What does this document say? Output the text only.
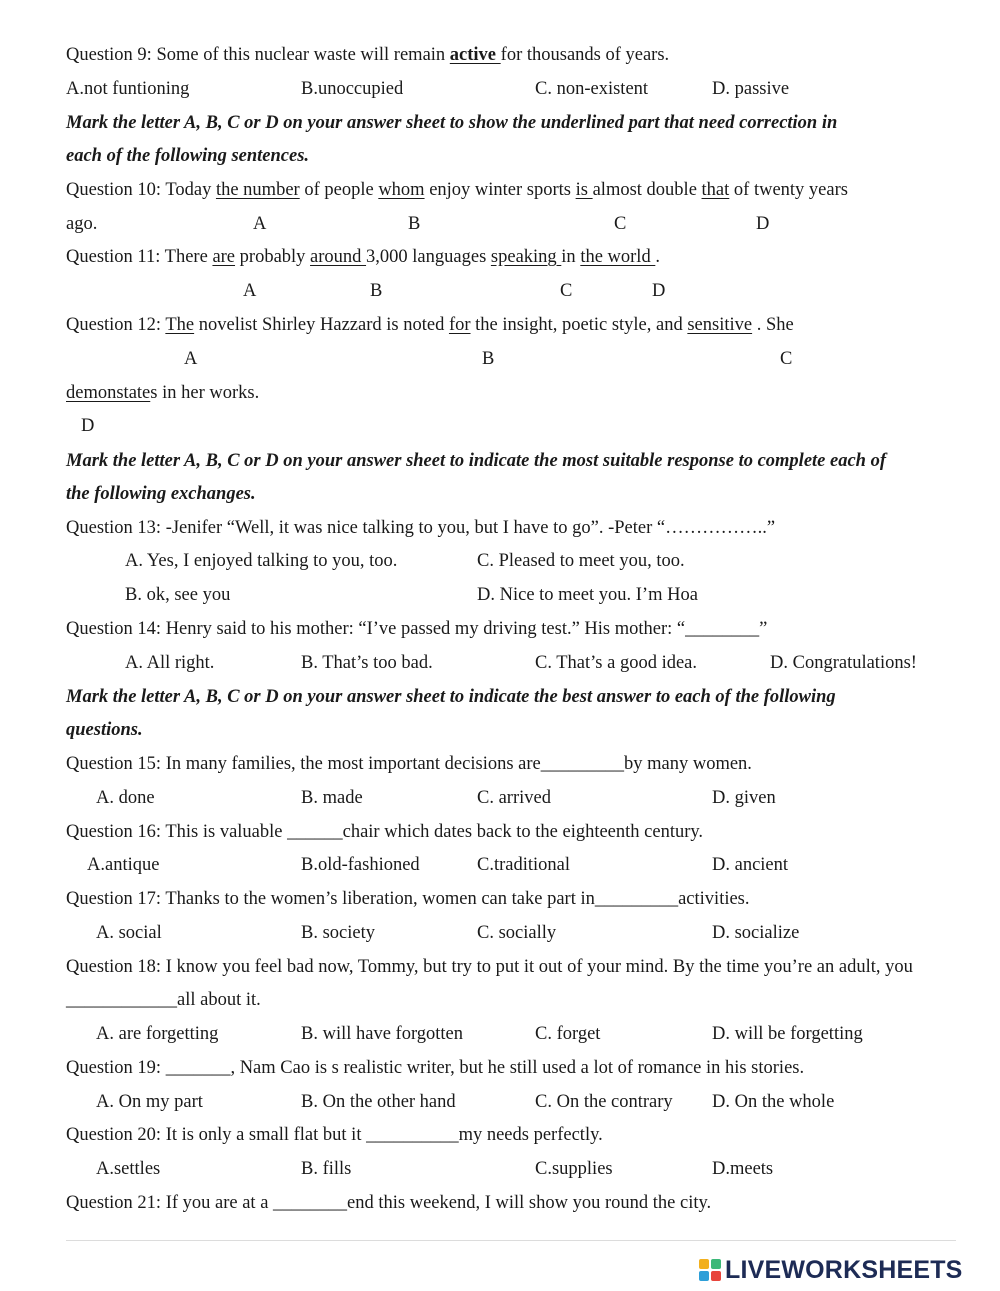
Question 9: Some of this nuclear waste will remain active for thousands of years.
A.not funtioning	B.unoccupied	C. non-existent	D. passive
Mark the letter A, B, C or D on your answer sheet to show the underlined part that need correction in
each of the following sentences.
Question 10: Today the number of people whom enjoy winter sports is almost double that of twenty years
ago.	A	B	C	D
Question 11: There are probably around 3,000 languages speaking in the world .
A	B	C	D
Question 12: The novelist Shirley Hazzard is noted for the insight, poetic style, and sensitive . She
A	B	C
demonstates in her works.
D
Mark the letter A, B, C or D on your answer sheet to indicate the most suitable response to complete each of
the following exchanges.
Question 13: -Jenifer “Well, it was nice talking to you, but I have to go”. -Peter “……………..”
A. Yes, I enjoyed talking to you, too.	C. Pleased to meet you, too.
B. ok, see you	D. Nice to meet you. I’m Hoa
Question 14: Henry said to his mother: “I’ve passed my driving test.” His mother: “________”
A. All right.	B. That’s too bad.	C. That’s a good idea.	D. Congratulations!
Mark the letter A, B, C or D on your answer sheet to indicate the best answer to each of the following
questions.
Question 15: In many families, the most important decisions are_________by many women.
A. done	B. made	C. arrived	D. given
Question 16: This is valuable ______chair which dates back to the eighteenth century.
A.antique	B.old-fashioned	C.traditional	D. ancient
Question 17: Thanks to the women’s liberation, women can take part in_________activities.
A. social	B. society	C. socially	D. socialize
Question 18: I know you feel bad now, Tommy, but try to put it out of your mind. By the time you’re an adult, you
____________all about it.
A. are forgetting	B. will have forgotten	C. forget	D. will be forgetting
Question 19: _______, Nam Cao is s realistic writer, but he still used a lot of romance in his stories.
A. On my part	B. On the other hand	C. On the contrary D. On the whole
Question 20: It is only a small flat but it __________my needs perfectly.
A.settles	B. fills	C.supplies	D.meets
Question 21: If you are at a ________end this weekend, I will show you round the city.
LIVEWORKSHEETS
